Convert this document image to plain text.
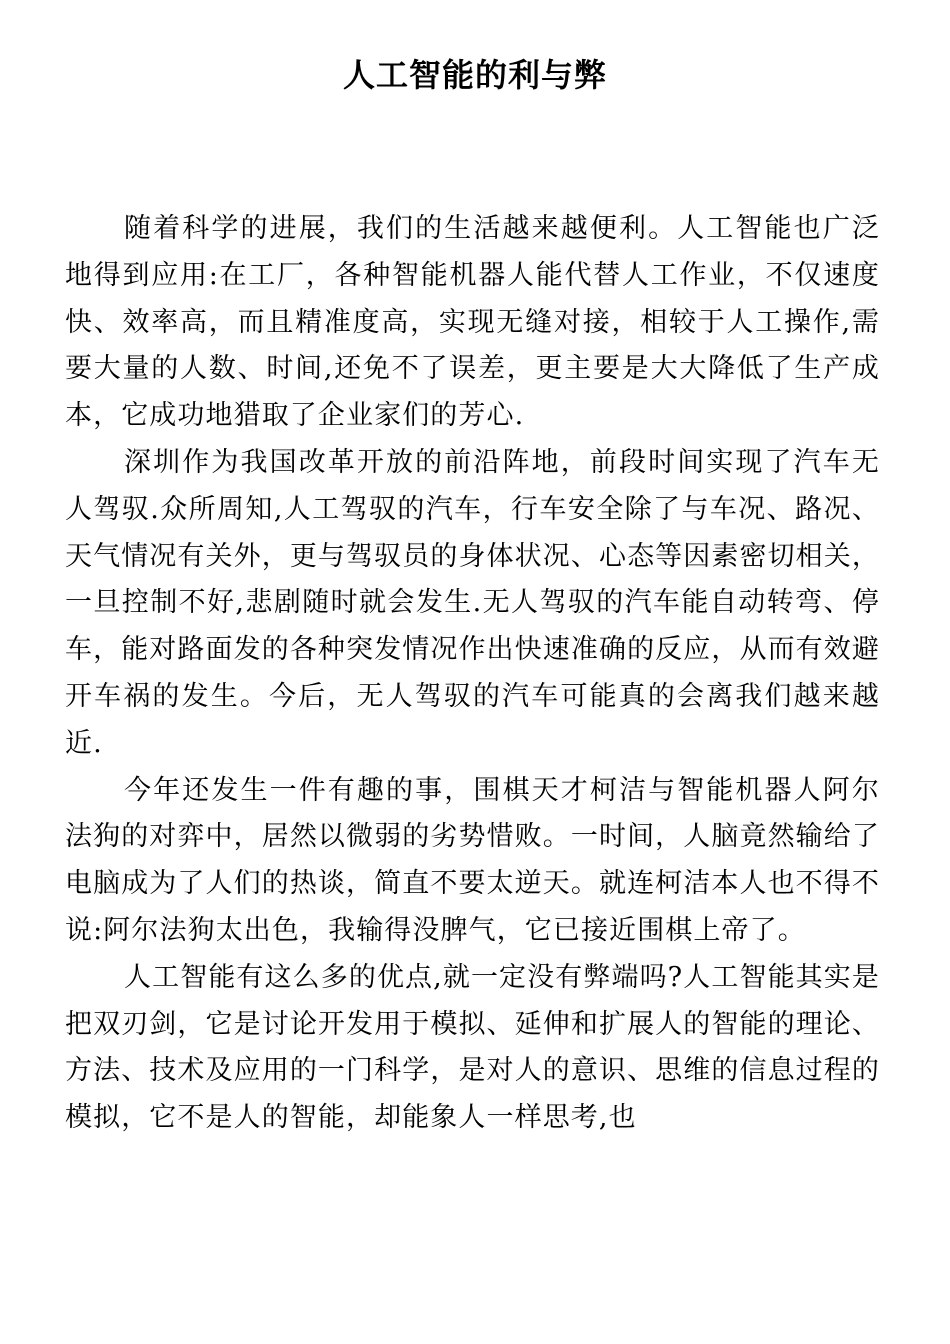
人工智能的利与弊

随着科学的进展，我们的生活越来越便利。人工智能也广泛地得到应用:在工厂，各种智能机器人能代替人工作业，不仅速度快、效率高，而且精准度高，实现无缝对接，相较于人工操作,需要大量的人数、时间,还免不了误差，更主要是大大降低了生产成本，它成功地猎取了企业家们的芳心.

深圳作为我国改革开放的前沿阵地，前段时间实现了汽车无人驾驭.众所周知,人工驾驭的汽车，行车安全除了与车况、路况、天气情况有关外，更与驾驭员的身体状况、心态等因素密切相关，一旦控制不好,悲剧随时就会发生.无人驾驭的汽车能自动转弯、停车，能对路面发的各种突发情况作出快速准确的反应，从而有效避开车祸的发生。今后，无人驾驭的汽车可能真的会离我们越来越近.

今年还发生一件有趣的事，围棋天才柯洁与智能机器人阿尔法狗的对弈中，居然以微弱的劣势惜败。一时间，人脑竟然输给了电脑成为了人们的热谈，简直不要太逆天。就连柯洁本人也不得不说:阿尔法狗太出色，我输得没脾气，它已接近围棋上帝了。

人工智能有这么多的优点,就一定没有弊端吗?人工智能其实是把双刃剑，它是讨论开发用于模拟、延伸和扩展人的智能的理论、方法、技术及应用的一门科学，是对人的意识、思维的信息过程的模拟，它不是人的智能，却能象人一样思考,也
